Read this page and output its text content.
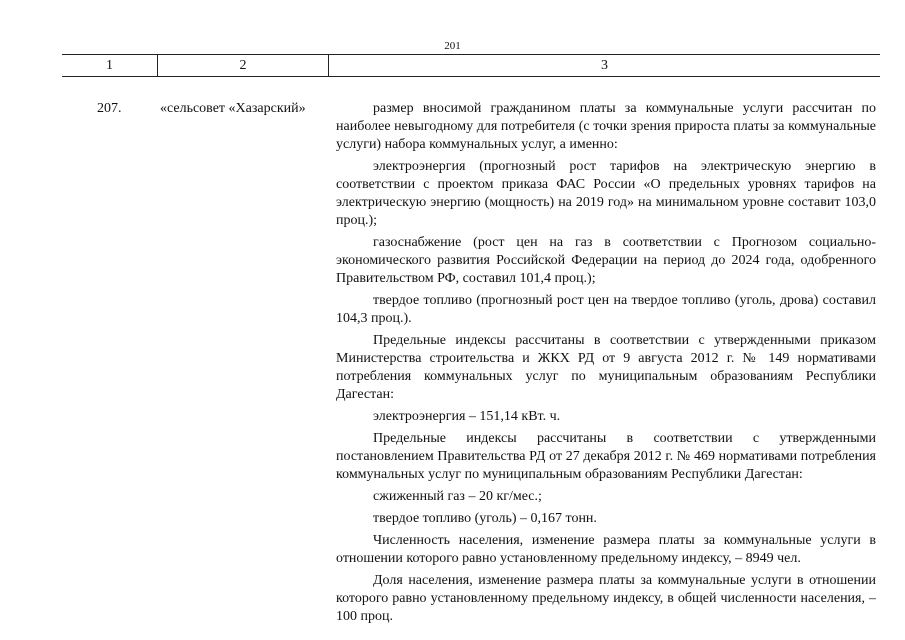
201
1	2	3
207.	«сельсовет «Хазарский»	размер вносимой гражданином платы за коммунальные услуги рассчитан по наиболее невыгодному для потребителя (с точки зрения прироста платы за коммунальные услуги) набора коммунальных услуг, а именно:

электроэнергия (прогнозный рост тарифов на электрическую энергию в соответствии с проектом приказа ФАС России «О предельных уровнях тарифов на электрическую энергию (мощность) на 2019 год» на минимальном уровне составит 103,0 проц.);

газоснабжение (рост цен на газ в соответствии с Прогнозом социально-экономического развития Российской Федерации на период до 2024 года, одобренного Правительством РФ, составил 101,4 проц.);

твердое топливо (прогнозный рост цен на твердое топливо (уголь, дрова) составил 104,3 проц.).

Предельные индексы рассчитаны в соответствии с утвержденными приказом Министерства строительства и ЖКХ РД от 9 августа 2012 г. № 149 нормативами потребления коммунальных услуг по муниципальным образованиям Республики Дагестан:

электроэнергия – 151,14 кВт. ч.

Предельные индексы рассчитаны в соответствии с утвержденными постановлением Правительства РД от 27 декабря 2012 г. № 469 нормативами потребления коммунальных услуг по муниципальным образованиям Республики Дагестан:

сжиженный газ – 20 кг/мес.;

твердое топливо (уголь) – 0,167 тонн.

Численность населения, изменение размера платы за коммунальные услуги в отношении которого равно установленному предельному индексу, – 8949 чел.

Доля населения, изменение размера платы за коммунальные услуги в отношении которого равно установленному предельному индексу, в общей численности населения, – 100 проц.
